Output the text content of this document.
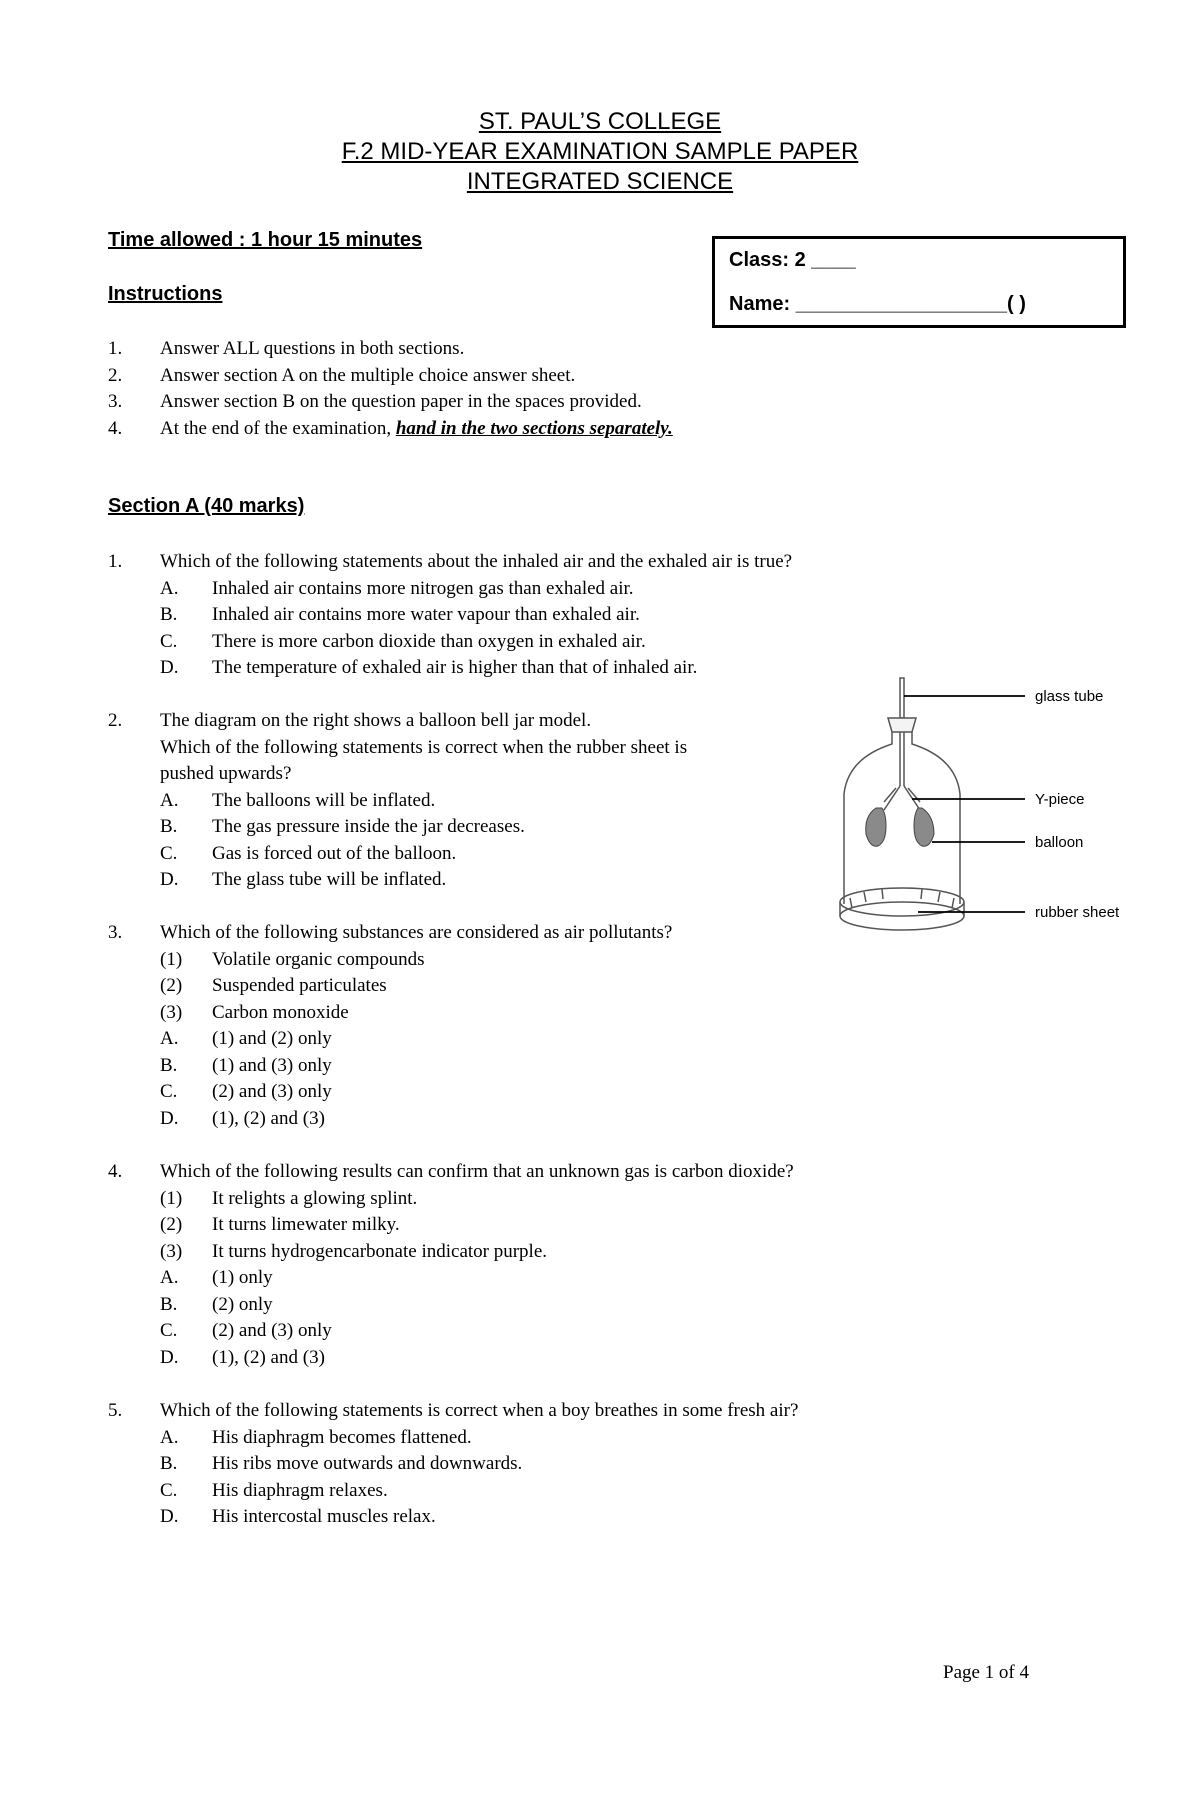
ST. PAUL’S COLLEGE
F.2 MID-YEAR EXAMINATION SAMPLE PAPER
INTEGRATED SCIENCE
Time allowed : 1 hour 15 minutes
Class: 2 ____
Name: ___________________( )
Instructions
1. Answer ALL questions in both sections.
2. Answer section A on the multiple choice answer sheet.
3. Answer section B on the question paper in the spaces provided.
4. At the end of the examination, hand in the two sections separately.
Section A (40 marks)
1. Which of the following statements about the inhaled air and the exhaled air is true?
A. Inhaled air contains more nitrogen gas than exhaled air.
B. Inhaled air contains more water vapour than exhaled air.
C. There is more carbon dioxide than oxygen in exhaled air.
D. The temperature of exhaled air is higher than that of inhaled air.
2. The diagram on the right shows a balloon bell jar model.
Which of the following statements is correct when the rubber sheet is
pushed upwards?
A. The balloons will be inflated.
B. The gas pressure inside the jar decreases.
C. Gas is forced out of the balloon.
D. The glass tube will be inflated.
3. Which of the following substances are considered as air pollutants?
(1) Volatile organic compounds
(2) Suspended particulates
(3) Carbon monoxide
A. (1) and (2) only
B. (1) and (3) only
C. (2) and (3) only
D. (1), (2) and (3)
4. Which of the following results can confirm that an unknown gas is carbon dioxide?
(1) It relights a glowing splint.
(2) It turns limewater milky.
(3) It turns hydrogencarbonate indicator purple.
A. (1) only
B. (2) only
C. (2) and (3) only
D. (1), (2) and (3)
5. Which of the following statements is correct when a boy breathes in some fresh air?
A. His diaphragm becomes flattened.
B. His ribs move outwards and downwards.
C. His diaphragm relaxes.
D. His intercostal muscles relax.
glass tube
Y-piece
balloon
rubber sheet
Page 1 of 4
